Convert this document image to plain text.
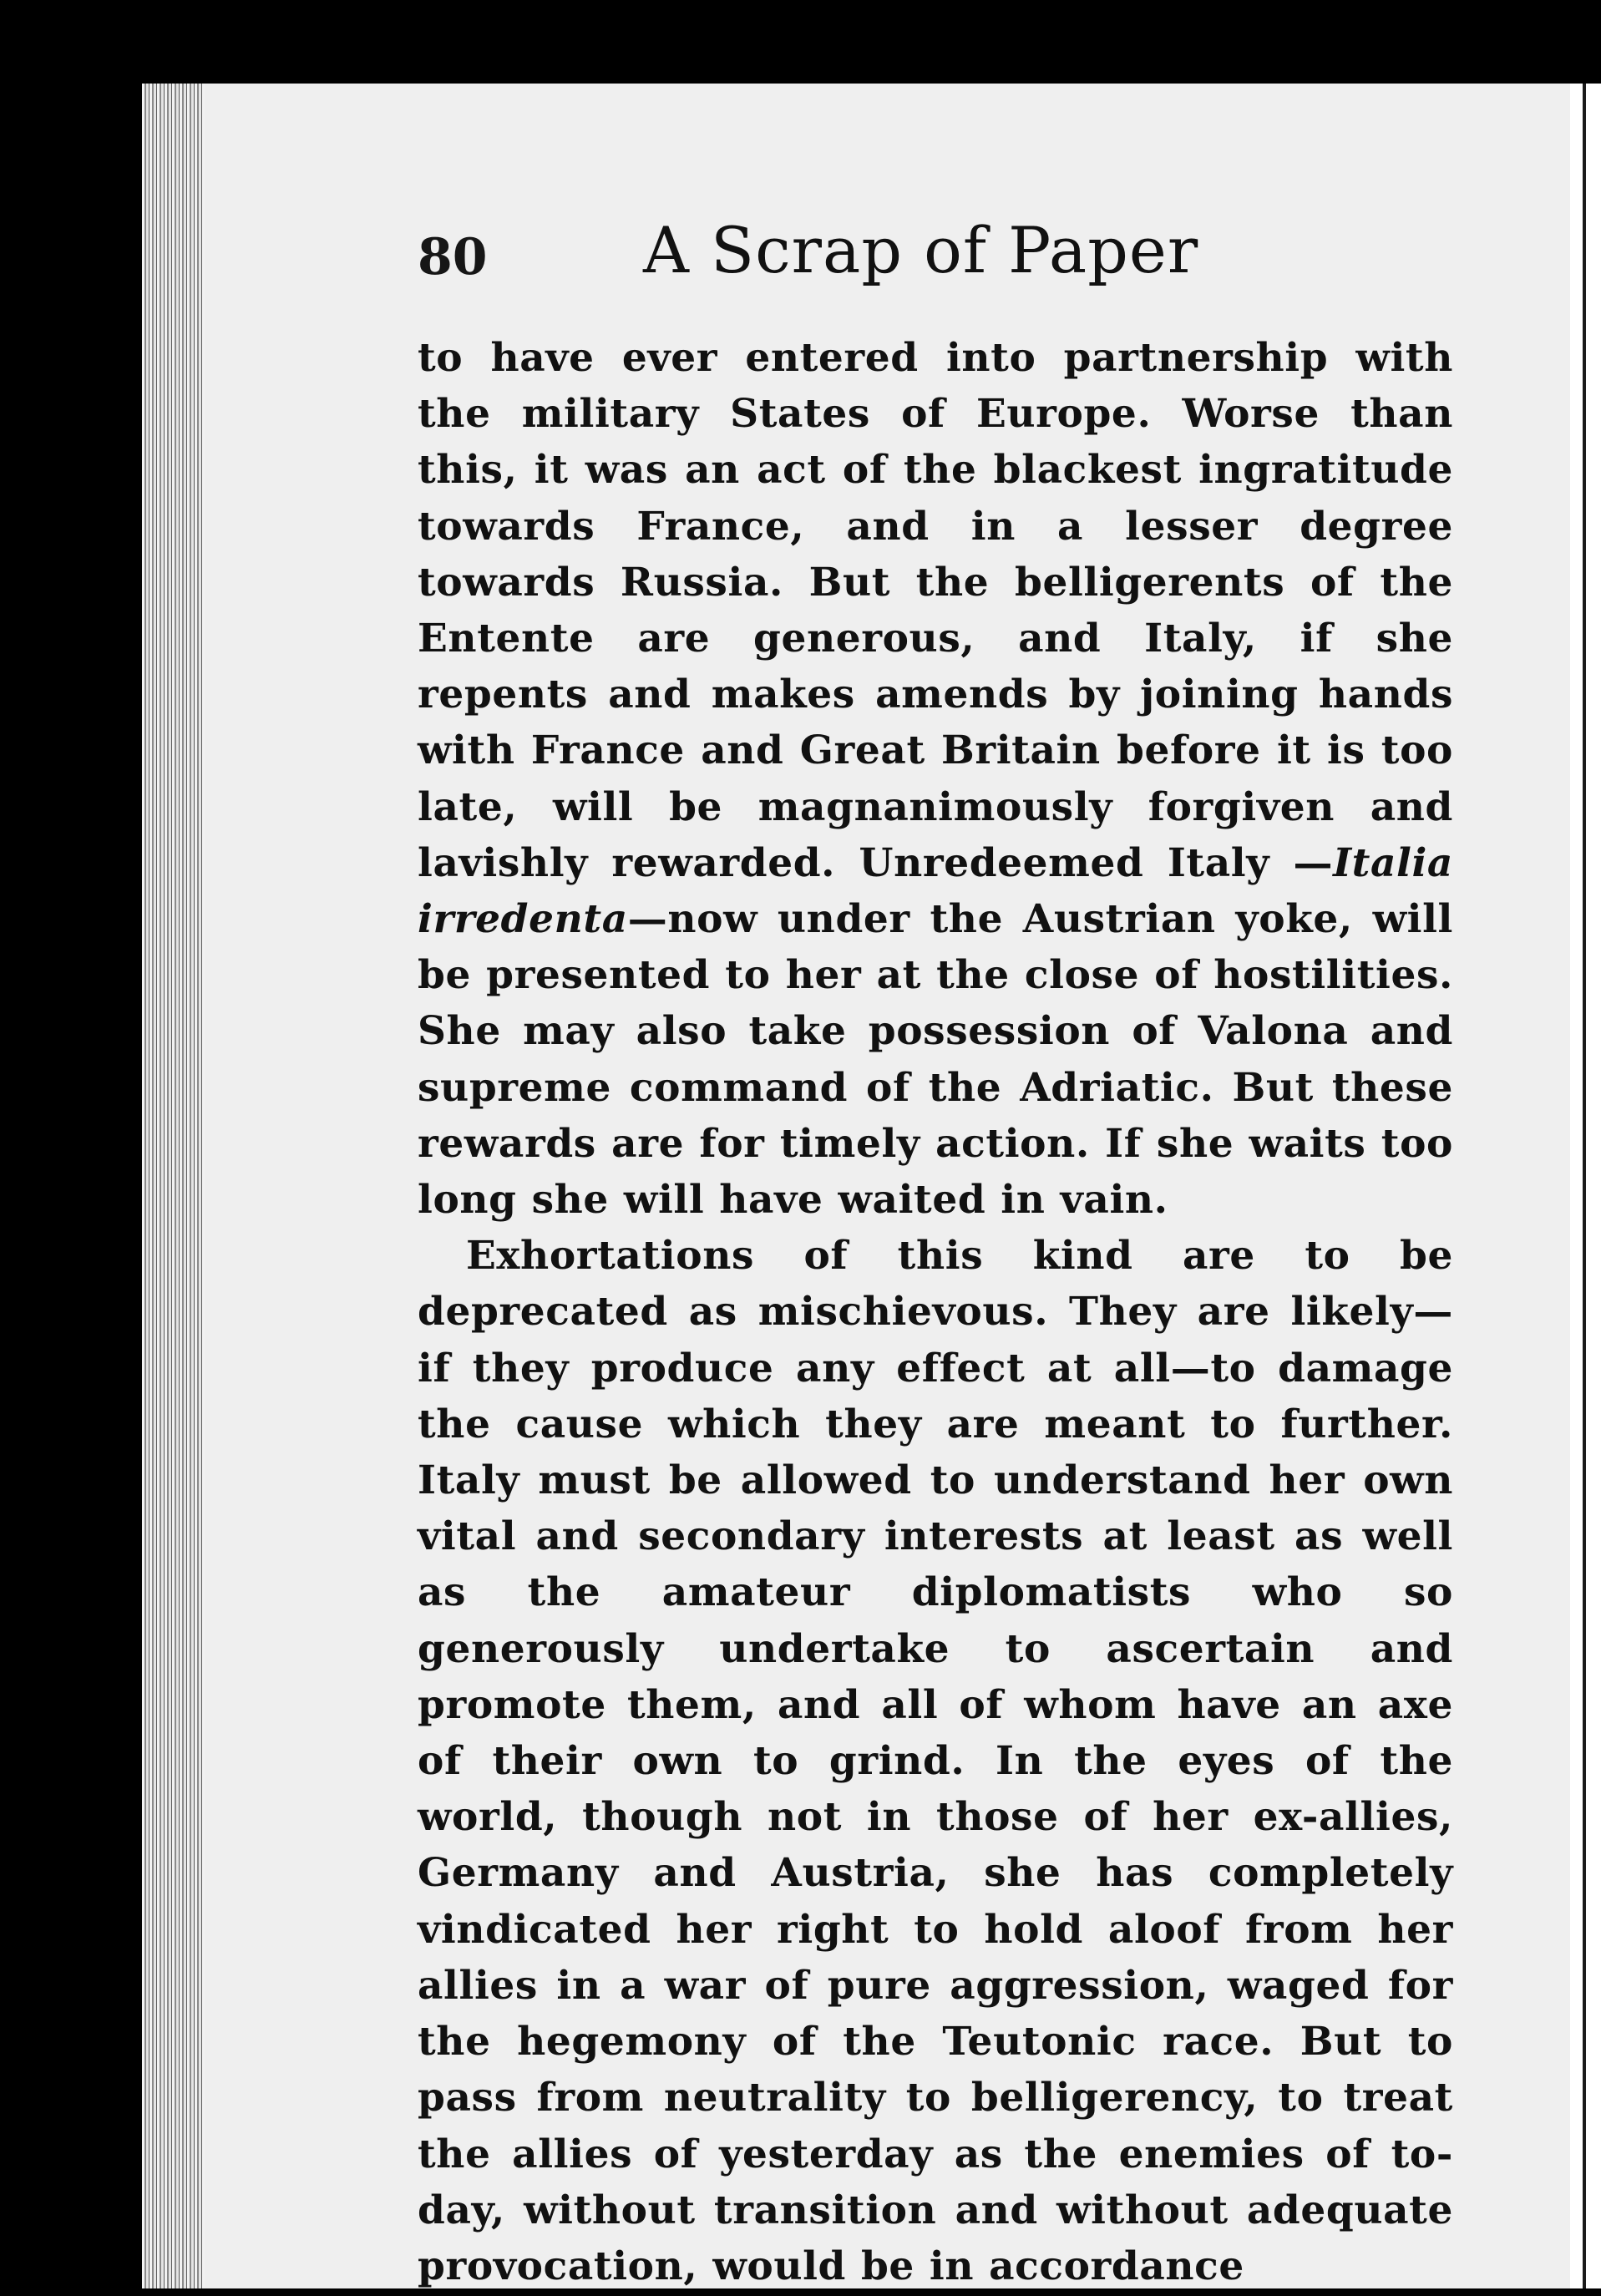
80 A Scrap of Paper

to have ever entered into partnership with the military States of Europe. Worse than this, it was an act of the blackest ingratitude towards France, and in a lesser degree towards Russia. But the belligerents of the Entente are generous, and Italy, if she repents and makes amends by joining hands with France and Great Britain before it is too late, will be magnanimously forgiven and lavishly rewarded. Unredeemed Italy —Italia irredenta—now under the Austrian yoke, will be presented to her at the close of hostilities. She may also take possession of Valona and supreme command of the Adriatic. But these rewards are for timely action. If she waits too long she will have waited in vain.

Exhortations of this kind are to be deprecated as mischievous. They are likely—if they produce any effect at all—to damage the cause which they are meant to further. Italy must be allowed to understand her own vital and secondary interests at least as well as the amateur diplomatists who so generously undertake to ascertain and promote them, and all of whom have an axe of their own to grind. In the eyes of the world, though not in those of her ex-allies, Germany and Austria, she has completely vindicated her right to hold aloof from her allies in a war of pure aggression, waged for the hegemony of the Teutonic race. But to pass from neutrality to belligerency, to treat the allies of yesterday as the enemies of to-day, without transition and without adequate provocation, would be in accordance
